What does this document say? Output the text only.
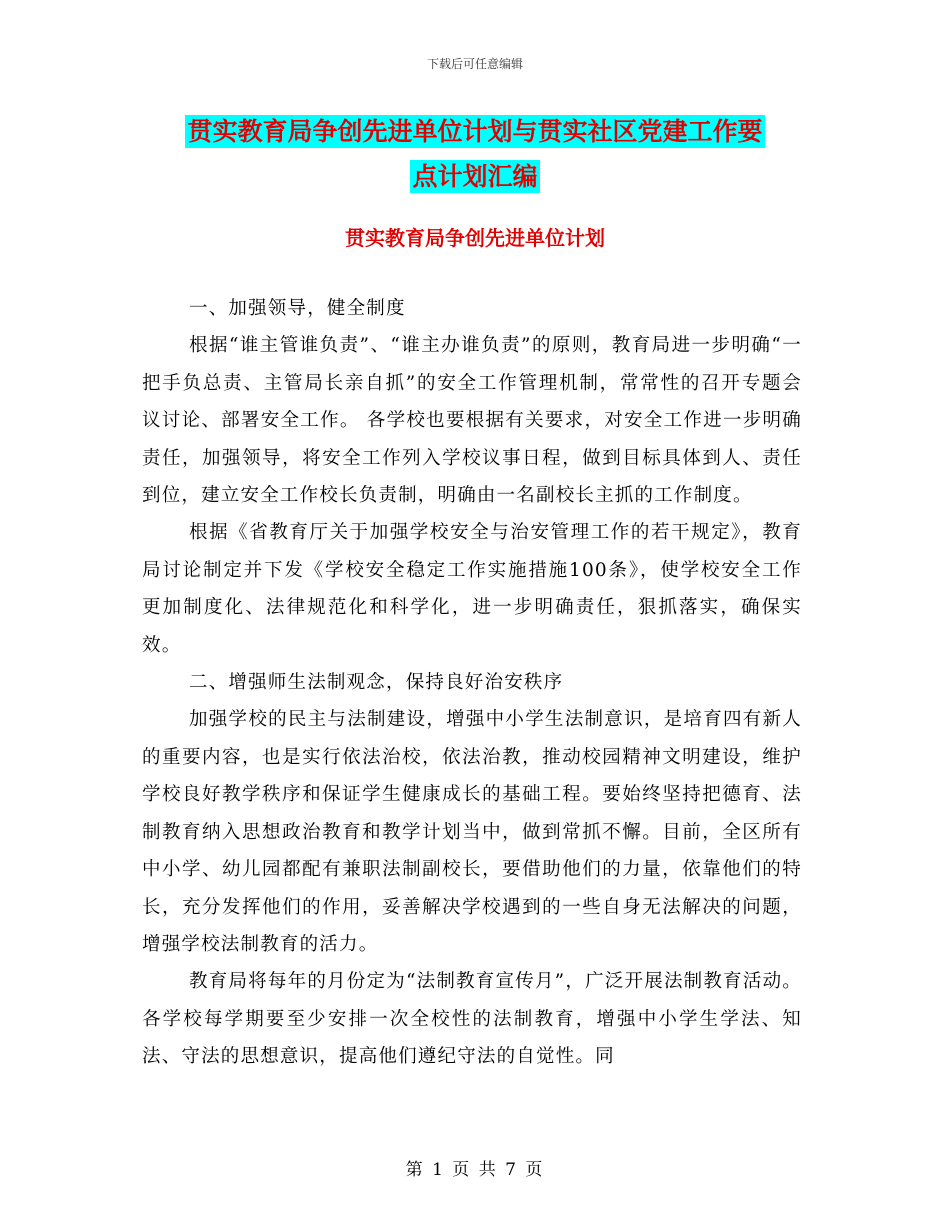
下载后可任意编辑
贯实教育局争创先进单位计划与贯实社区党建工作要
点计划汇编
贯实教育局争创先进单位计划

一、加强领导，健全制度

根据“谁主管谁负责”、“谁主办谁负责”的原则，教育局进一步明确“一把手负总责、主管局长亲自抓”的安全工作管理机制，常常性的召开专题会议讨论、部署安全工作。 各学校也要根据有关要求，对安全工作进一步明确责任，加强领导，将安全工作列入学校议事日程，做到目标具体到人、责任到位，建立安全工作校长负责制，明确由一名副校长主抓的工作制度。

根据《省教育厅关于加强学校安全与治安管理工作的若干规定》，教育局讨论制定并下发《学校安全稳定工作实施措施100条》，使学校安全工作更加制度化、法律规范化和科学化，进一步明确责任，狠抓落实，确保实效。

二、增强师生法制观念，保持良好治安秩序

加强学校的民主与法制建设，增强中小学生法制意识，是培育四有新人的重要内容，也是实行依法治校，依法治教，推动校园精神文明建设，维护学校良好教学秩序和保证学生健康成长的基础工程。要始终坚持把德育、法制教育纳入思想政治教育和教学计划当中，做到常抓不懈。目前，全区所有中小学、幼儿园都配有兼职法制副校长，要借助他们的力量，依靠他们的特长，充分发挥他们的作用，妥善解决学校遇到的一些自身无法解决的问题，增强学校法制教育的活力。

教育局将每年的月份定为“法制教育宣传月”，广泛开展法制教育活动。各学校每学期要至少安排一次全校性的法制教育，增强中小学生学法、知法、守法的思想意识，提高他们遵纪守法的自觉性。同

第 1 页 共 7 页
